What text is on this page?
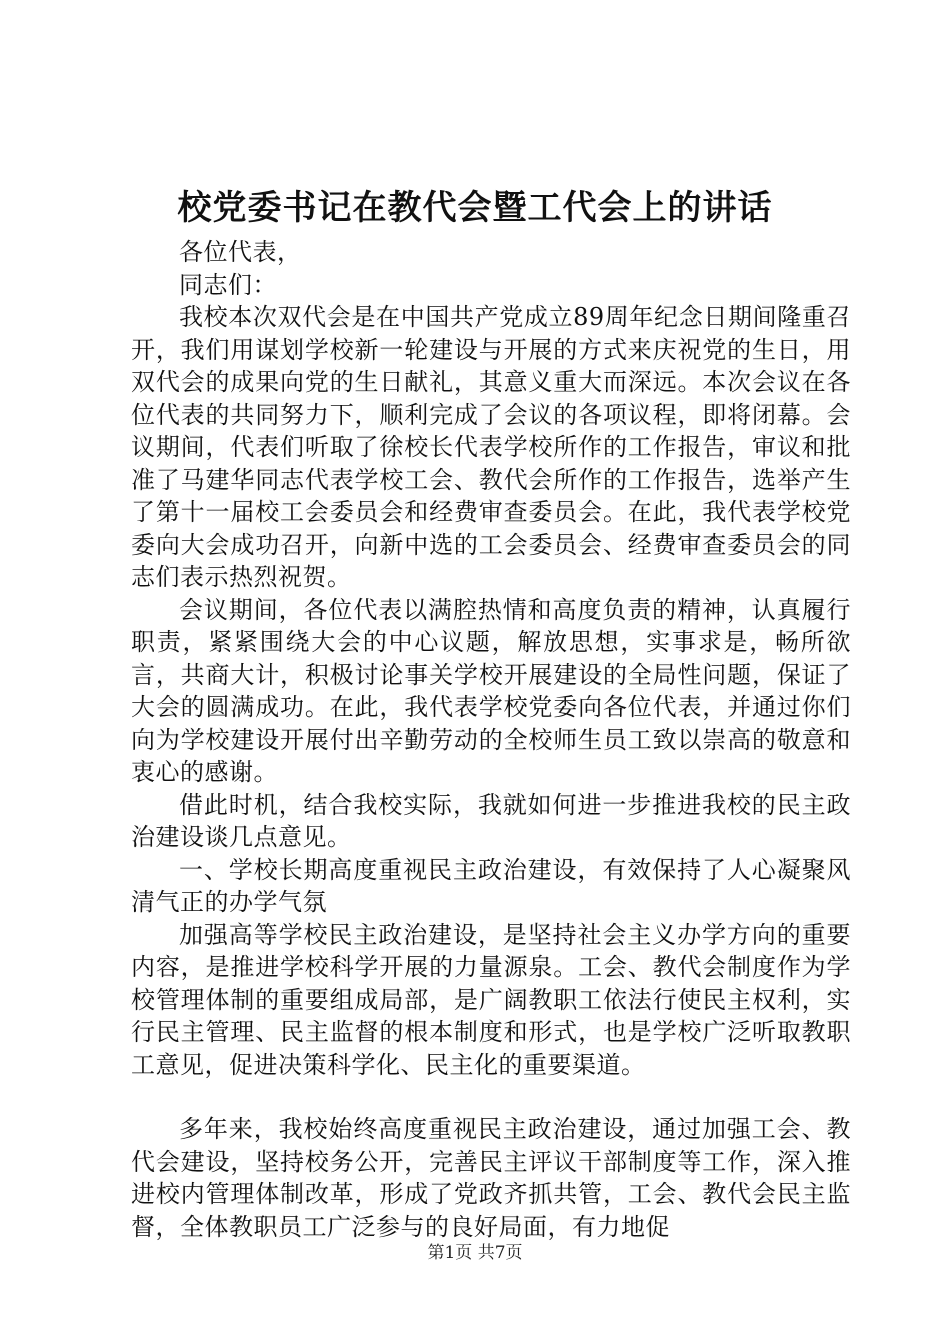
校党委书记在教代会暨工代会上的讲话

各位代表，

同志们：

我校本次双代会是在中国共产党成立89周年纪念日期间隆重召开，我们用谋划学校新一轮建设与开展的方式来庆祝党的生日，用双代会的成果向党的生日献礼，其意义重大而深远。本次会议在各位代表的共同努力下，顺利完成了会议的各项议程，即将闭幕。会议期间，代表们听取了徐校长代表学校所作的工作报告，审议和批准了马建华同志代表学校工会、教代会所作的工作报告，选举产生了第十一届校工会委员会和经费审查委员会。在此，我代表学校党委向大会成功召开，向新中选的工会委员会、经费审查委员会的同志们表示热烈祝贺。

会议期间，各位代表以满腔热情和高度负责的精神，认真履行职责，紧紧围绕大会的中心议题，解放思想，实事求是，畅所欲言，共商大计，积极讨论事关学校开展建设的全局性问题，保证了大会的圆满成功。在此，我代表学校党委向各位代表，并通过你们向为学校建设开展付出辛勤劳动的全校师生员工致以崇高的敬意和衷心的感谢。

借此时机，结合我校实际，我就如何进一步推进我校的民主政治建设谈几点意见。

一、学校长期高度重视民主政治建设，有效保持了人心凝聚风清气正的办学气氛

加强高等学校民主政治建设，是坚持社会主义办学方向的重要内容，是推进学校科学开展的力量源泉。工会、教代会制度作为学校管理体制的重要组成局部，是广阔教职工依法行使民主权利，实行民主管理、民主监督的根本制度和形式，也是学校广泛听取教职工意见，促进决策科学化、民主化的重要渠道。

多年来，我校始终高度重视民主政治建设，通过加强工会、教代会建设，坚持校务公开，完善民主评议干部制度等工作，深入推进校内管理体制改革，形成了党政齐抓共管，工会、教代会民主监督，全体教职员工广泛参与的良好局面，有力地促

第1页 共7页
